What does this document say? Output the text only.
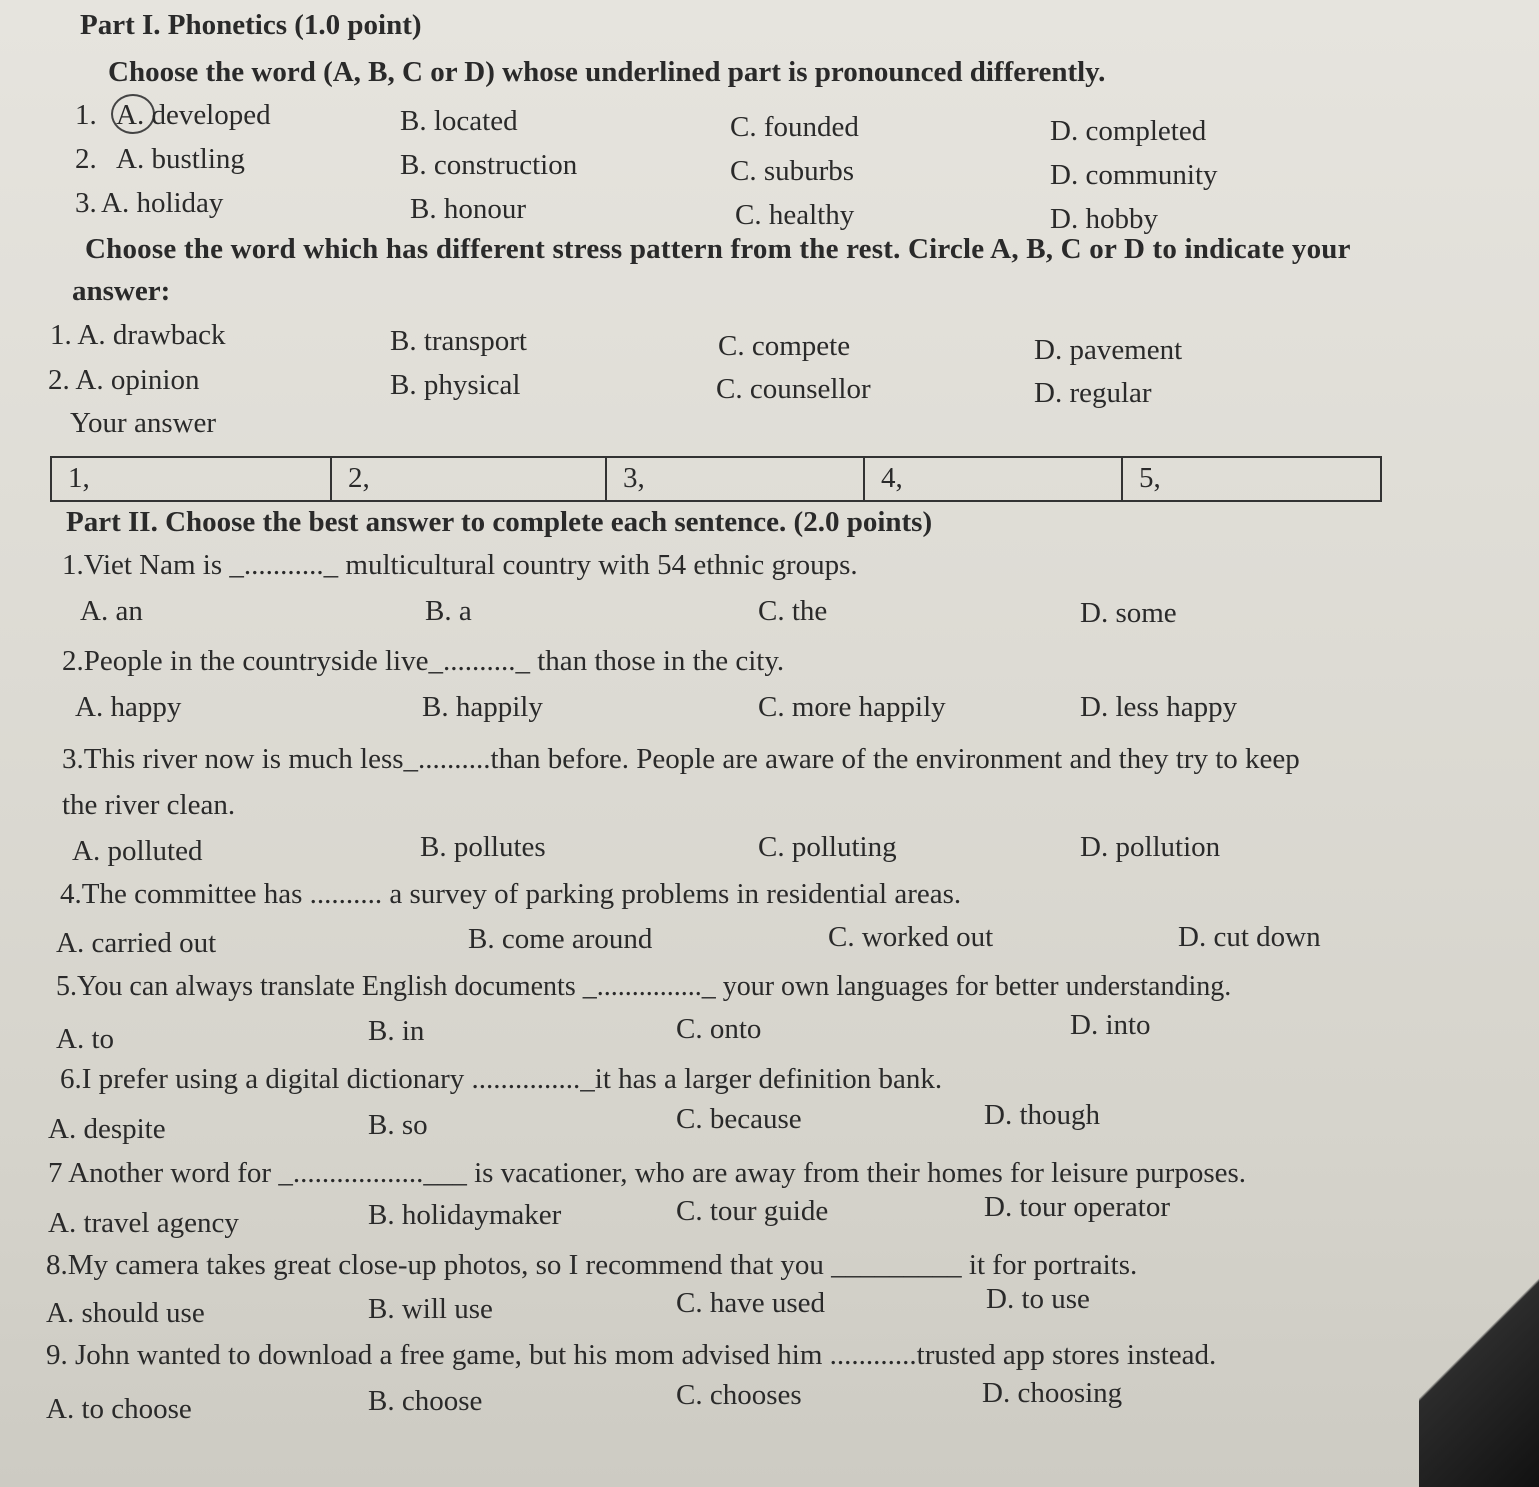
Part I. Phonetics (1.0 point)
Choose the word (A, B, C or D) whose underlined part is pronounced differently.
1. A. developed	B. located	C. founded	D. completed
2. A. bustling	B. construction	C. suburbs	D. community
3. A. holiday	B. honour	C. healthy	D. hobby
Choose the word which has different stress pattern from the rest. Circle A, B, C or D to indicate your
answer:
1. A. drawback	B. transport	C. compete	D. pavement
2. A. opinion	B. physical	C. counsellor	D. regular
Your answer
1,	2,	3,	4,	5,
Part II. Choose the best answer to complete each sentence. (2.0 points)
1.Viet Nam is _..........._ multicultural country with 54 ethnic groups.
A. an	B. a	C. the	D. some
2.People in the countryside live_.........._ than those in the city.
A. happy	B. happily	C. more happily	D. less happy
3.This river now is much less_..........than before. People are aware of the environment and they try to keep
the river clean.
A. polluted	B. pollutes	C. polluting	D. pollution
4.The committee has .......... a survey of parking problems in residential areas.
A. carried out	B. come around	C. worked out	D. cut down
5.You can always translate English documents _..............._ your own languages for better understanding.
A. to	B. in	C. onto	D. into
6.I prefer using a digital dictionary ..............._it has a larger definition bank.
A. despite	B. so	C. because	D. though
7 Another word for _..................___ is vacationer, who are away from their homes for leisure purposes.
A. travel agency	B. holidaymaker	C. tour guide	D. tour operator
8.My camera takes great close-up photos, so I recommend that you _________ it for portraits.
A. should use	B. will use	C. have used	D. to use
9. John wanted to download a free game, but his mom advised him ............trusted app stores instead.
A. to choose	B. choose	C. chooses	D. choosing
